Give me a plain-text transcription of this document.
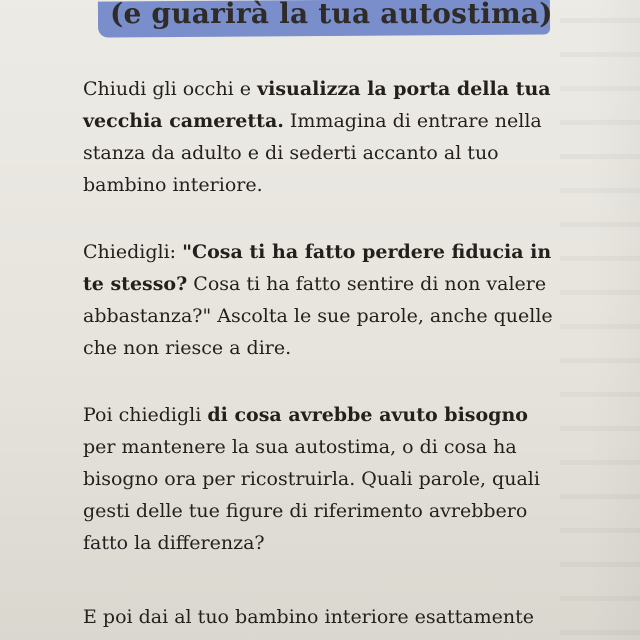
(e guarirà la tua autostima)

Chiudi gli occhi e visualizza la porta della tua vecchia cameretta. Immagina di entrare nella stanza da adulto e di sederti accanto al tuo bambino interiore.

Chiedigli: "Cosa ti ha fatto perdere fiducia in te stesso? Cosa ti ha fatto sentire di non valere abbastanza?" Ascolta le sue parole, anche quelle che non riesce a dire.

Poi chiedigli di cosa avrebbe avuto bisogno per mantenere la sua autostima, o di cosa ha bisogno ora per ricostruirla. Quali parole, quali gesti delle tue figure di riferimento avrebbero fatto la differenza?

E poi dai al tuo bambino interiore esattamente
